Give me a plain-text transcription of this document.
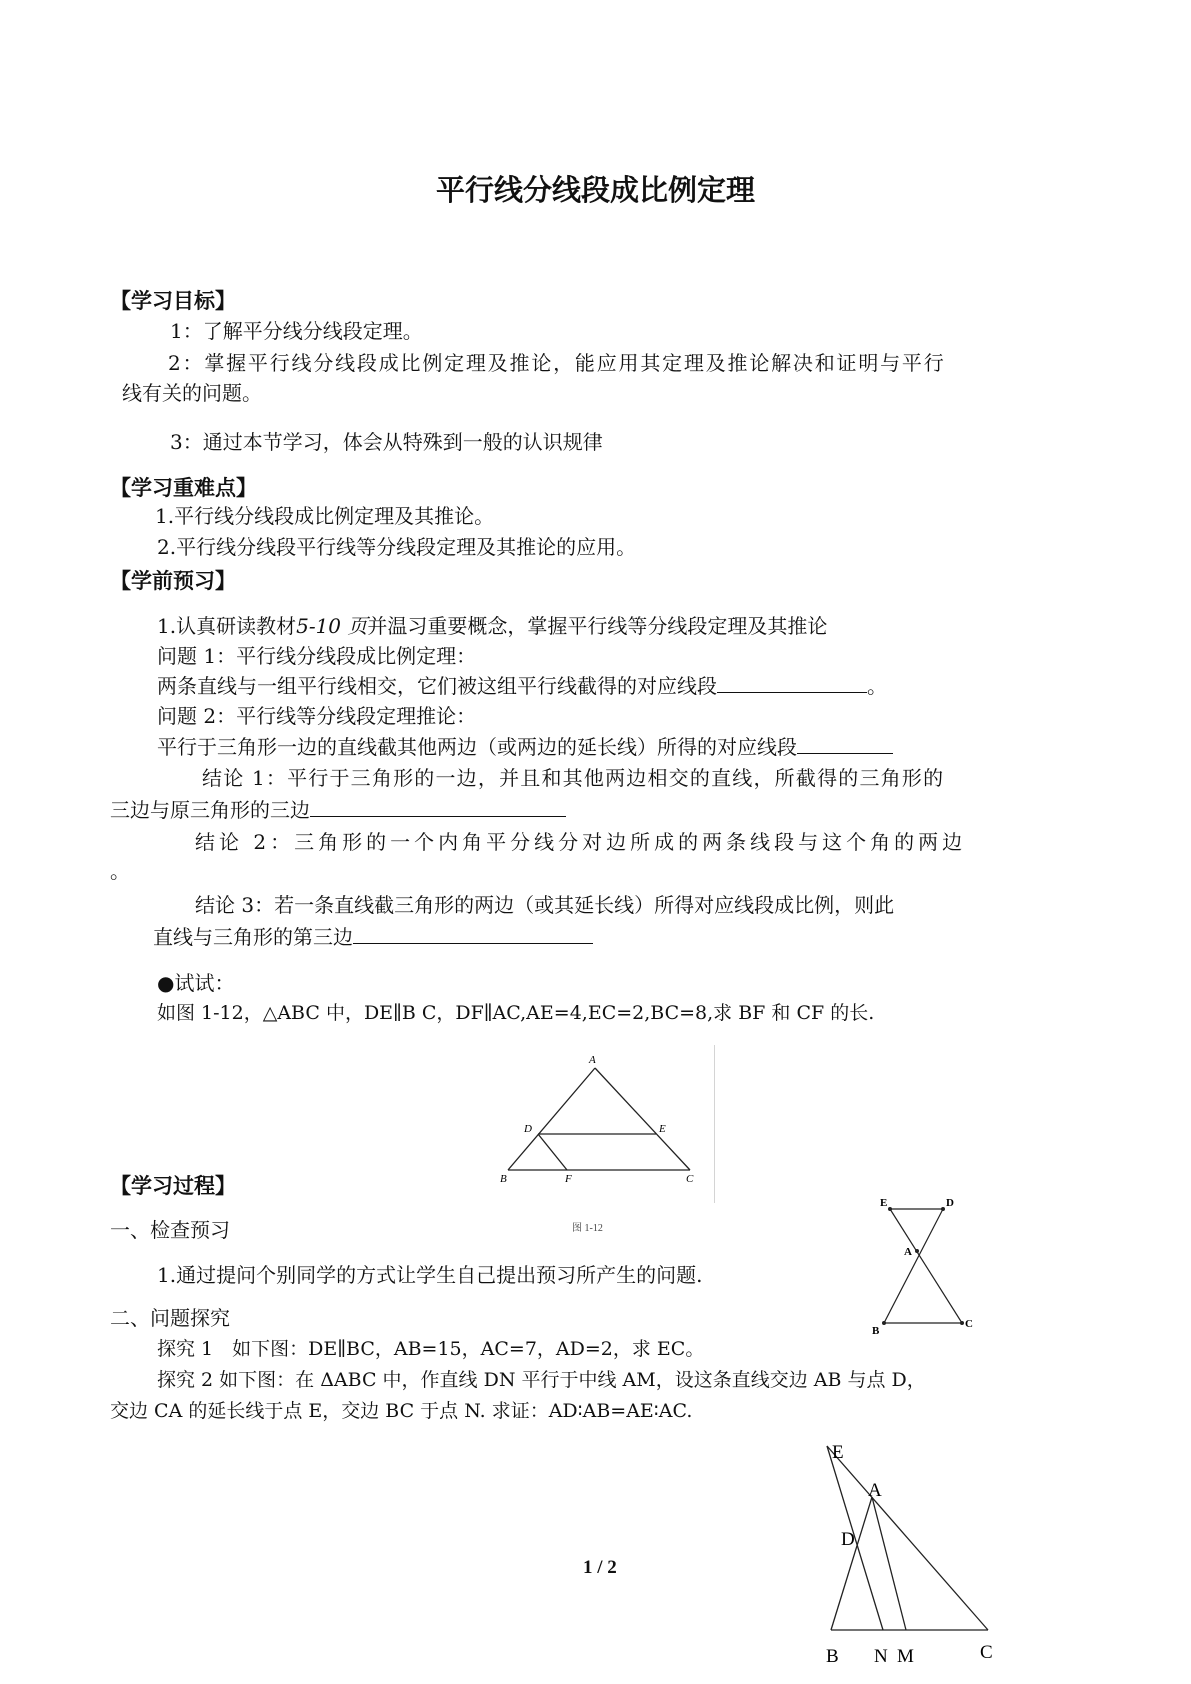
平行线分线段成比例定理
【学习目标】
1：了解平分线分线段定理。
2：掌握平行线分线段成比例定理及推论，能应用其定理及推论解决和证明与平行
线有关的问题。
3：通过本节学习，体会从特殊到一般的认识规律
【学习重难点】
1.平行线分线段成比例定理及其推论。
2.平行线分线段平行线等分线段定理及其推论的应用。
【学前预习】
1.认真研读教材5-10 页并温习重要概念，掌握平行线等分线段定理及其推论
问题 1：平行线分线段成比例定理：
两条直线与一组平行线相交，它们被这组平行线截得的对应线段	。
问题 2：平行线等分线段定理推论：
平行于三角形一边的直线截其他两边（或两边的延长线）所得的对应线段
结论 1：平行于三角形的一边，并且和其他两边相交的直线，所截得的三角形的
三边与原三角形的三边
结论 2：三角形的一个内角平分线分对边所成的两条线段与这个角的两边
。
结论 3：若一条直线截三角形的两边（或其延长线）所得对应线段成比例，则此
直线与三角形的第三边
●试试：
如图 1-12，△ABC 中，DE∥B C，DF∥AC,AE=4,EC=2,BC=8,求 BF 和 CF 的长.
A
D	E
B	F	C
图 1-12
【学习过程】
一、检查预习
1.通过提问个别同学的方式让学生自己提出预习所产生的问题.
二、问题探究
探究 1　如下图：DE∥BC，AB=15，AC=7，AD=2，求 EC。
探究 2 如下图：在 ΔABC 中，作直线 DN 平行于中线 AM，设这条直线交边 AB 与点 D，
交边 CA 的延长线于点 E，交边 BC 于点 N. 求证：AD∶AB=AE∶AC.
E	D
A
B
C
E
A
D
B N M	C
1 / 2
